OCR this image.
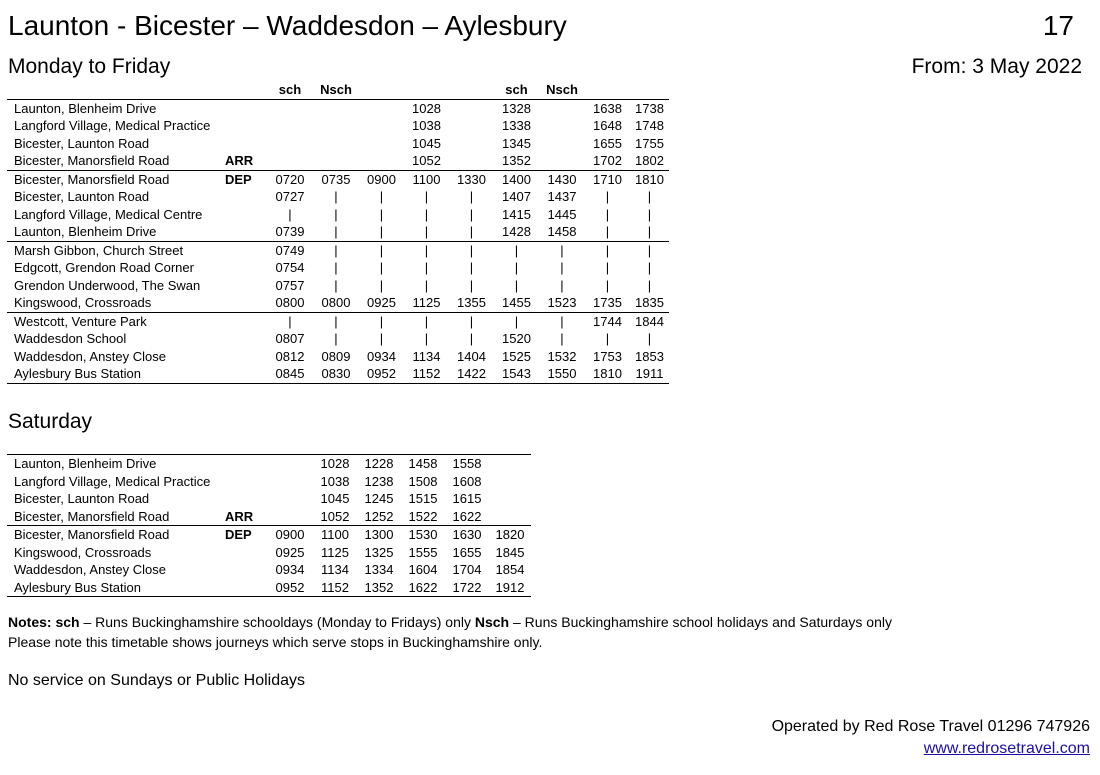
Launton - Bicester – Waddesdon – Aylesbury	17
Monday to Friday	From: 3 May 2022
		sch	Nsch				sch	Nsch		
Launton, Blenheim Drive					1028		1328		1638	1738
Langford Village, Medical Practice					1038		1338		1648	1748
Bicester, Launton Road					1045		1345		1655	1755
Bicester, Manorsfield Road	ARR				1052		1352		1702	1802
Bicester, Manorsfield Road	DEP	0720	0735	0900	1100	1330	1400	1430	1710	1810
Bicester, Launton Road		0727	|	|	|	|	1407	1437	|	|
Langford Village, Medical Centre		|	|	|	|	|	1415	1445	|	|
Launton, Blenheim Drive		0739	|	|	|	|	1428	1458	|	|
Marsh Gibbon, Church Street		0749	|	|	|	|	|	|	|	|
Edgcott, Grendon Road Corner		0754	|	|	|	|	|	|	|	|
Grendon Underwood, The Swan		0757	|	|	|	|	|	|	|	|
Kingswood, Crossroads		0800	0800	0925	1125	1355	1455	1523	1735	1835
Westcott, Venture Park		|	|	|	|	|	|	|	1744	1844
Waddesdon School		0807	|	|	|	|	1520	|	|	|
Waddesdon, Anstey Close		0812	0809	0934	1134	1404	1525	1532	1753	1853
Aylesbury Bus Station		0845	0830	0952	1152	1422	1543	1550	1810	1911
Saturday
Launton, Blenheim Drive			1028	1228	1458	1558	
Langford Village, Medical Practice			1038	1238	1508	1608	
Bicester, Launton Road			1045	1245	1515	1615	
Bicester, Manorsfield Road	ARR		1052	1252	1522	1622	
Bicester, Manorsfield Road	DEP	0900	1100	1300	1530	1630	1820
Kingswood, Crossroads		0925	1125	1325	1555	1655	1845
Waddesdon, Anstey Close		0934	1134	1334	1604	1704	1854
Aylesbury Bus Station		0952	1152	1352	1622	1722	1912
Notes: sch – Runs Buckinghamshire schooldays (Monday to Fridays) only Nsch – Runs Buckinghamshire school holidays and Saturdays only
Please note this timetable shows journeys which serve stops in Buckinghamshire only.
No service on Sundays or Public Holidays
Operated by Red Rose Travel 01296 747926
www.redrosetravel.com
